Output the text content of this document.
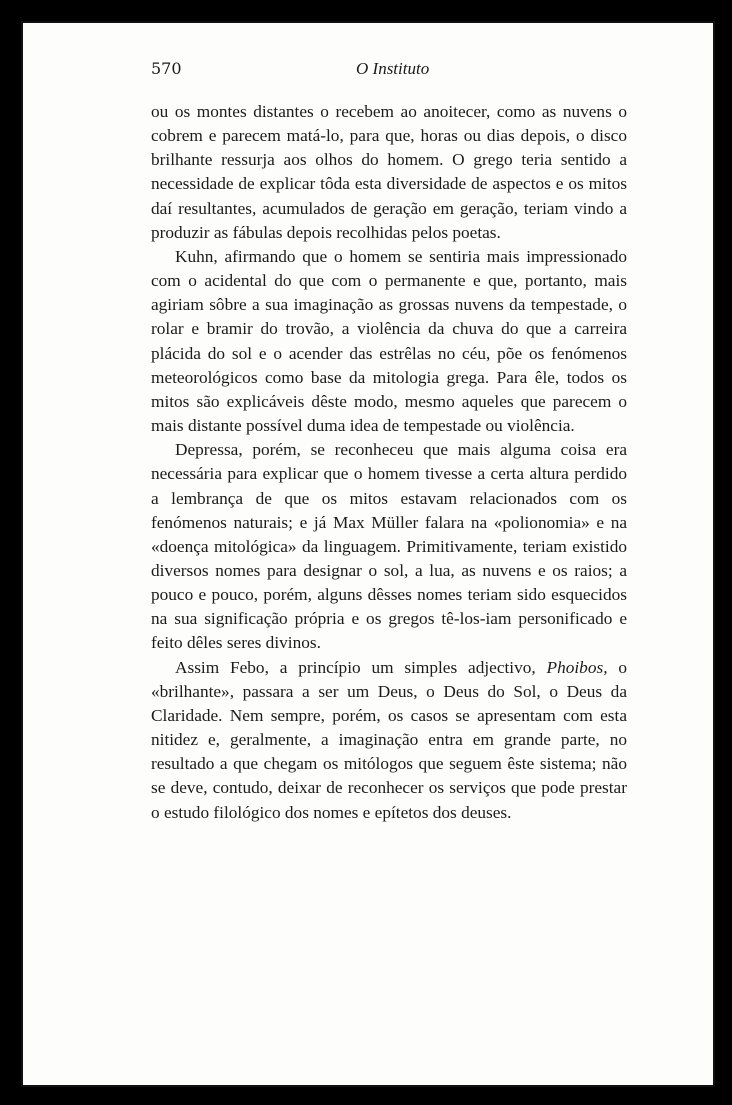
570	O Instituto

ou os montes distantes o recebem ao anoitecer, como as nuvens o cobrem e parecem matá-lo, para que, horas ou dias depois, o disco brilhante ressurja aos olhos do homem. O grego teria sentido a necessidade de explicar tôda esta diversidade de aspectos e os mitos daí resultantes, acumulados de geração em geração, teriam vindo a produzir as fábulas depois recolhidas pelos poetas.

Kuhn, afirmando que o homem se sentiria mais impressionado com o acidental do que com o permanente e que, portanto, mais agiriam sôbre a sua imaginação as grossas nuvens da tempestade, o rolar e bramir do trovão, a violência da chuva do que a carreira plácida do sol e o acender das estrêlas no céu, põe os fenómenos meteorológicos como base da mitologia grega. Para êle, todos os mitos são explicáveis dêste modo, mesmo aqueles que parecem o mais distante possível duma idea de tempestade ou violência.

Depressa, porém, se reconheceu que mais alguma coisa era necessária para explicar que o homem tivesse a certa altura perdido a lembrança de que os mitos estavam relacionados com os fenómenos naturais; e já Max Müller falara na «polionomia» e na «doença mitológica» da linguagem. Primitivamente, teriam existido diversos nomes para designar o sol, a lua, as nuvens e os raios; a pouco e pouco, porém, alguns dêsses nomes teriam sido esquecidos na sua significação própria e os gregos tê-los-iam personificado e feito dêles seres divinos.

Assim Febo, a princípio um simples adjectivo, Phoibos, o «brilhante», passara a ser um Deus, o Deus do Sol, o Deus da Claridade. Nem sempre, porém, os casos se apresentam com esta nitidez e, geralmente, a imaginação entra em grande parte, no resultado a que chegam os mitólogos que seguem êste sistema; não se deve, contudo, deixar de reconhecer os serviços que pode prestar o estudo filológico dos nomes e epítetos dos deuses.
